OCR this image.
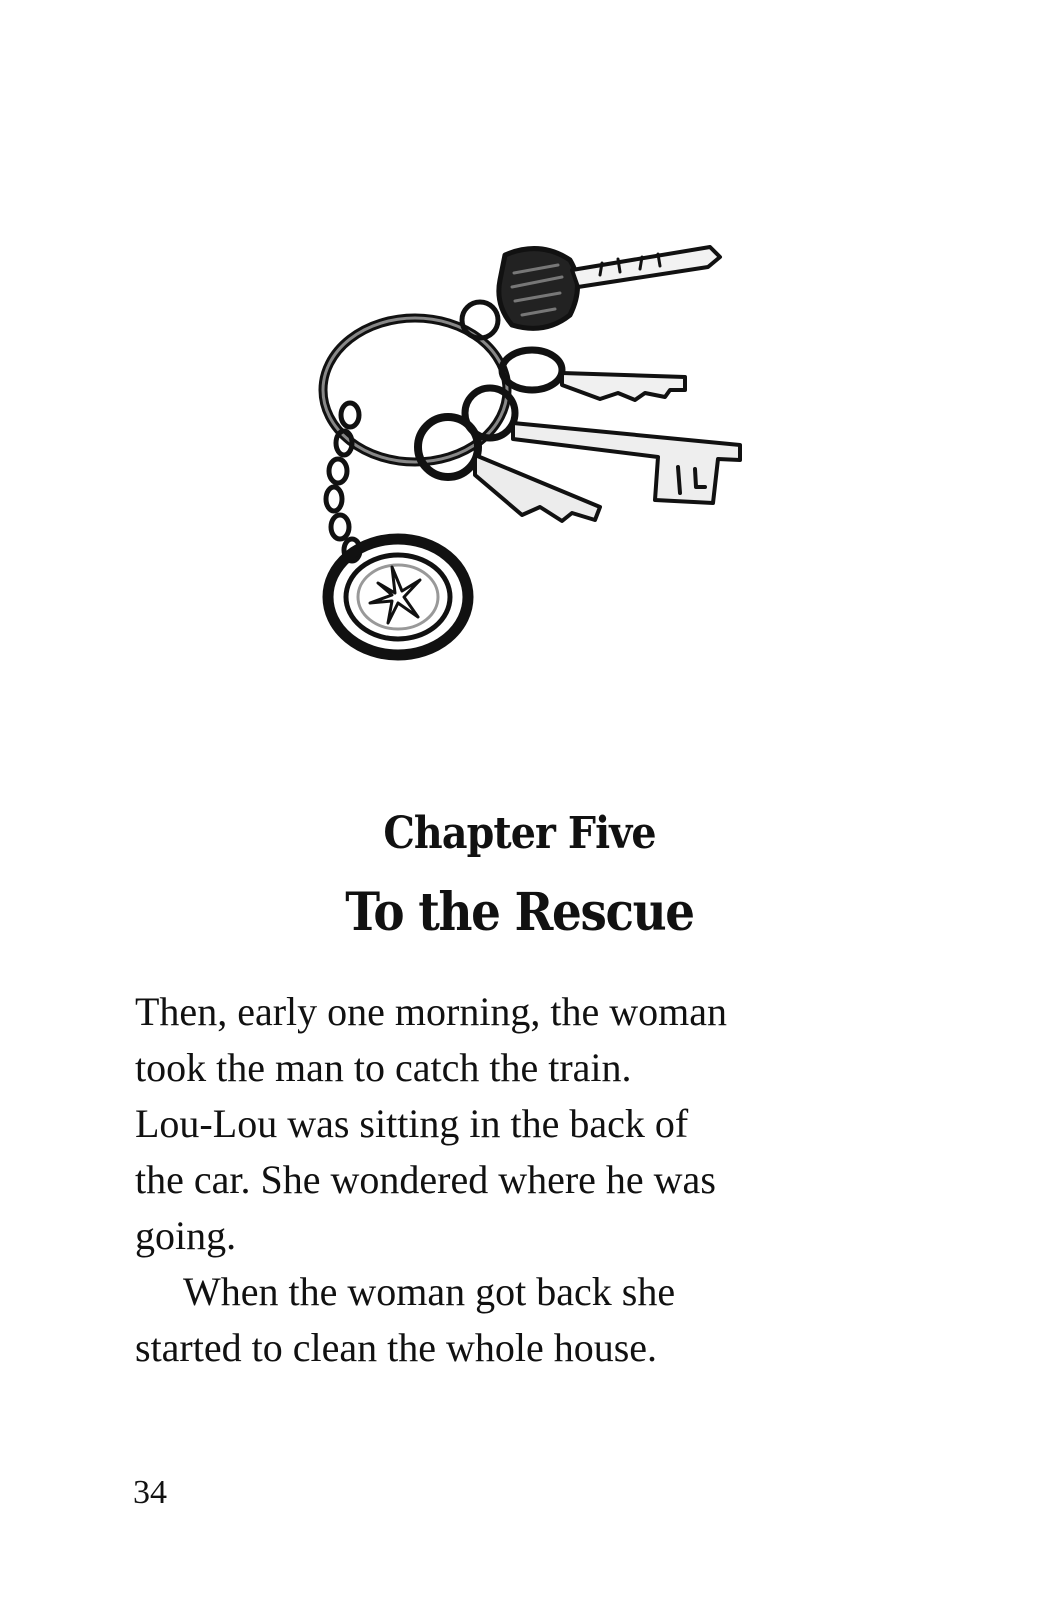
Chapter Five
To the Rescue
Then, early one morning, the woman
took the man to catch the train.
Lou-Lou was sitting in the back of
the car. She wondered where he was
going.
When the woman got back she
started to clean the whole house.
34
